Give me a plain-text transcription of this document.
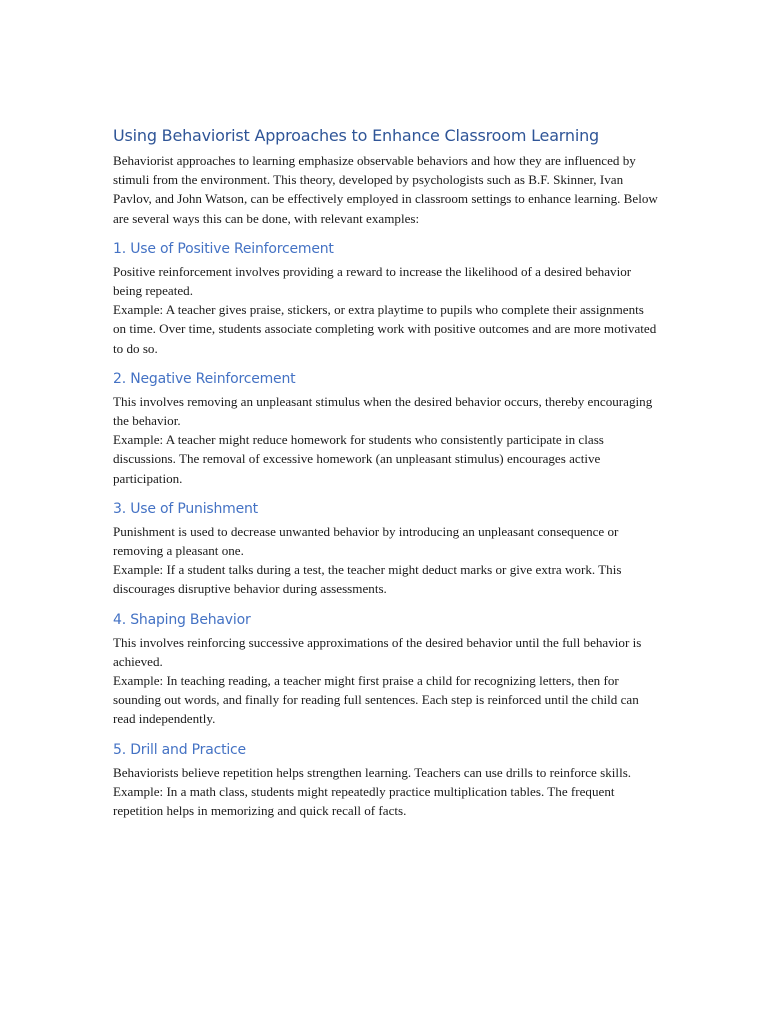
Using Behaviorist Approaches to Enhance Classroom Learning

Behaviorist approaches to learning emphasize observable behaviors and how they are influenced by stimuli from the environment. This theory, developed by psychologists such as B.F. Skinner, Ivan Pavlov, and John Watson, can be effectively employed in classroom settings to enhance learning. Below are several ways this can be done, with relevant examples:

1. Use of Positive Reinforcement

Positive reinforcement involves providing a reward to increase the likelihood of a desired behavior being repeated.

Example: A teacher gives praise, stickers, or extra playtime to pupils who complete their assignments on time. Over time, students associate completing work with positive outcomes and are more motivated to do so.

2. Negative Reinforcement

This involves removing an unpleasant stimulus when the desired behavior occurs, thereby encouraging the behavior.

Example: A teacher might reduce homework for students who consistently participate in class discussions. The removal of excessive homework (an unpleasant stimulus) encourages active participation.

3. Use of Punishment

Punishment is used to decrease unwanted behavior by introducing an unpleasant consequence or removing a pleasant one.

Example: If a student talks during a test, the teacher might deduct marks or give extra work. This discourages disruptive behavior during assessments.

4. Shaping Behavior

This involves reinforcing successive approximations of the desired behavior until the full behavior is achieved.

Example: In teaching reading, a teacher might first praise a child for recognizing letters, then for sounding out words, and finally for reading full sentences. Each step is reinforced until the child can read independently.

5. Drill and Practice

Behaviorists believe repetition helps strengthen learning. Teachers can use drills to reinforce skills.

Example: In a math class, students might repeatedly practice multiplication tables. The frequent repetition helps in memorizing and quick recall of facts.
